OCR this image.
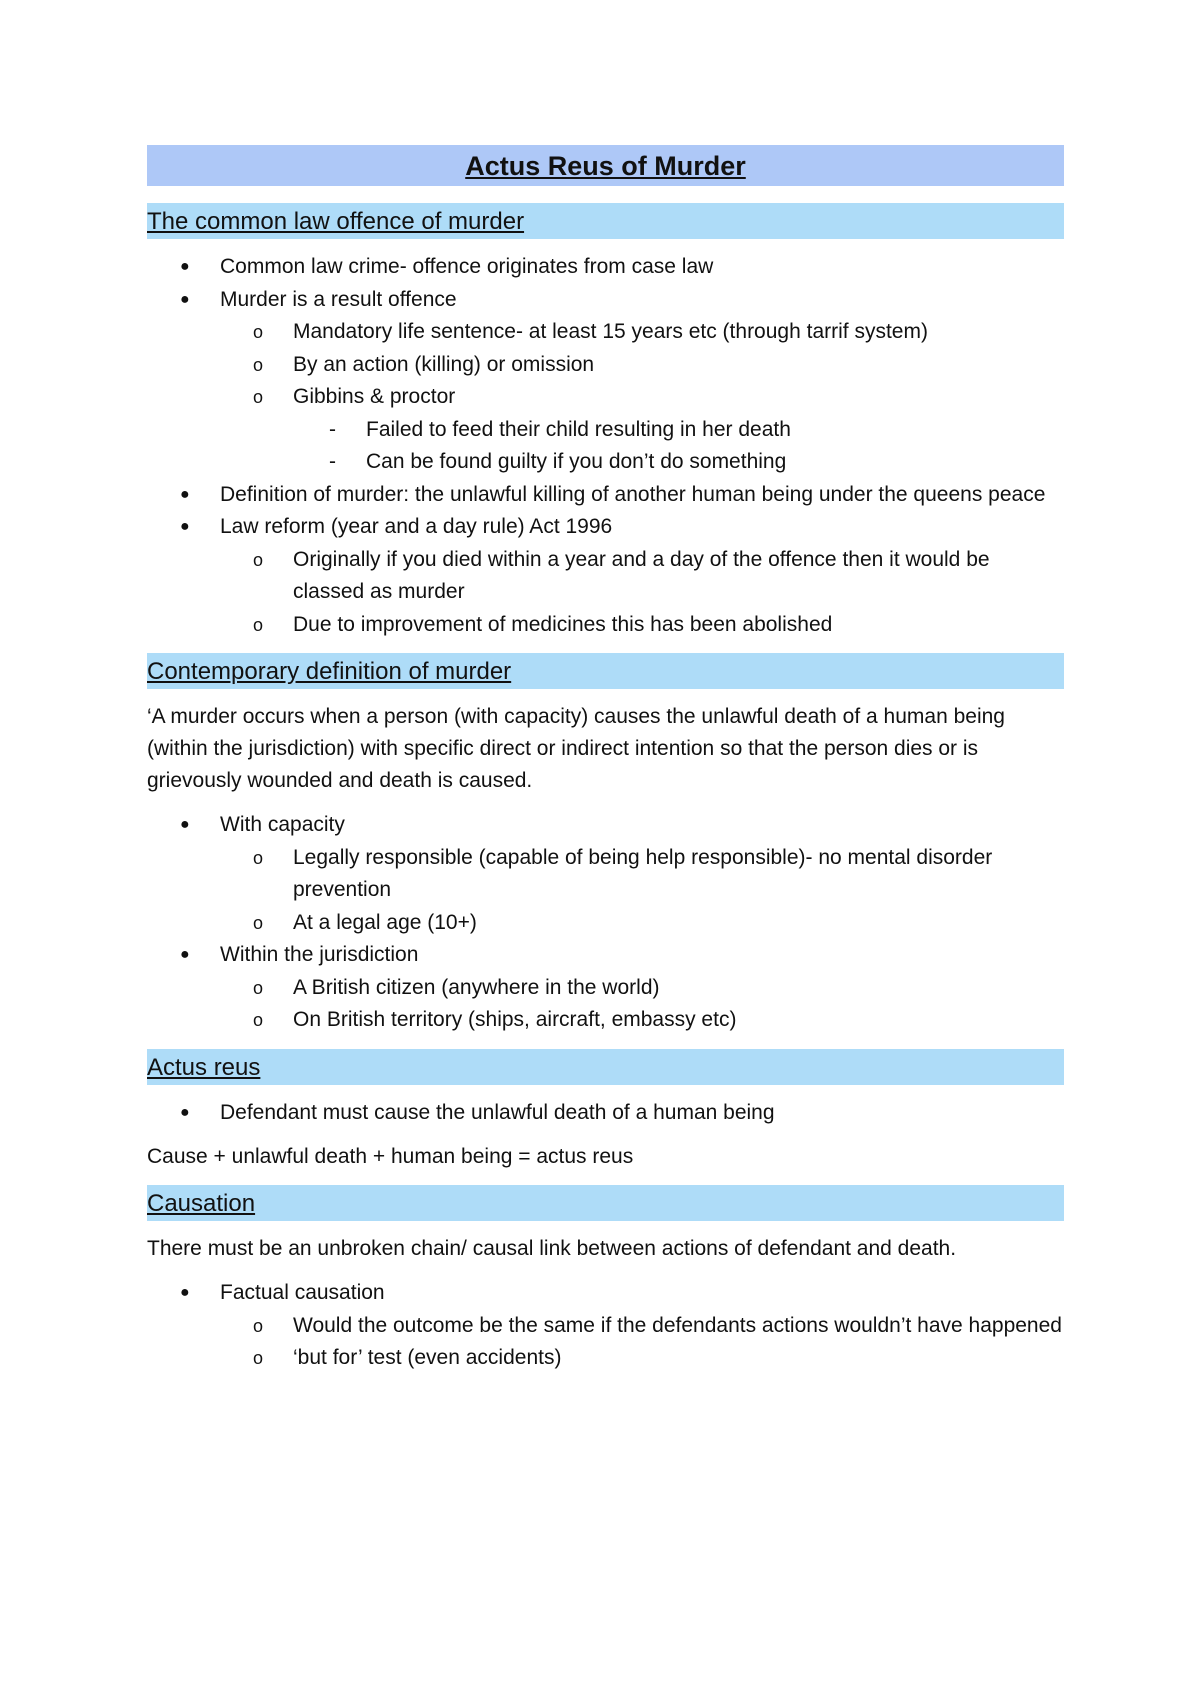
Actus Reus of Murder
The common law offence of murder
● Common law crime- offence originates from case law
● Murder is a result offence
o Mandatory life sentence- at least 15 years etc (through tarrif system)
o By an action (killing) or omission
o Gibbins & proctor
- Failed to feed their child resulting in her death
- Can be found guilty if you don’t do something
● Definition of murder: the unlawful killing of another human being under the queens peace
● Law reform (year and a day rule) Act 1996
o Originally if you died within a year and a day of the offence then it would be classed as murder
o Due to improvement of medicines this has been abolished
Contemporary definition of murder

‘A murder occurs when a person (with capacity) causes the unlawful death of a human being (within the jurisdiction) with specific direct or indirect intention so that the person dies or is grievously wounded and death is caused.

● With capacity
o Legally responsible (capable of being help responsible)- no mental disorder prevention
o At a legal age (10+)
● Within the jurisdiction
o A British citizen (anywhere in the world)
o On British territory (ships, aircraft, embassy etc)
Actus reus
● Defendant must cause the unlawful death of a human being

Cause + unlawful death + human being = actus reus

Causation

There must be an unbroken chain/ causal link between actions of defendant and death.

● Factual causation
o Would the outcome be the same if the defendants actions wouldn’t have happened
o ‘but for’ test (even accidents)
